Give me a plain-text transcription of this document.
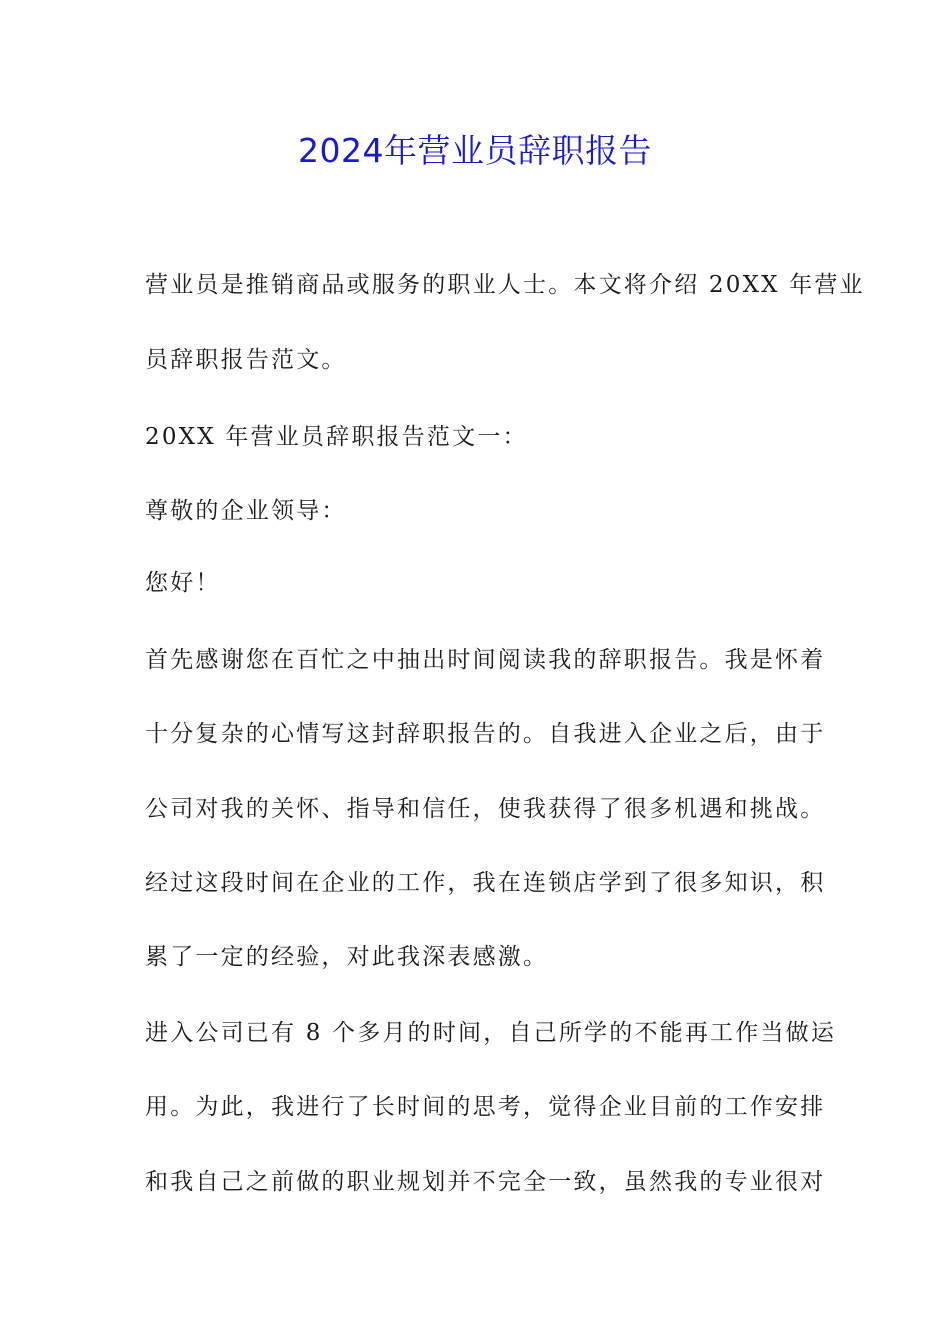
2024年营业员辞职报告

营业员是推销商品或服务的职业人士。本文将介绍 20XX 年营业

员辞职报告范文。

20XX 年营业员辞职报告范文一：

尊敬的企业领导：

您好！

首先感谢您在百忙之中抽出时间阅读我的辞职报告。我是怀着

十分复杂的心情写这封辞职报告的。自我进入企业之后，由于

公司对我的关怀、指导和信任，使我获得了很多机遇和挑战。

经过这段时间在企业的工作，我在连锁店学到了很多知识，积

累了一定的经验，对此我深表感激。

进入公司已有 8 个多月的时间，自己所学的不能再工作当做运

用。为此，我进行了长时间的思考，觉得企业目前的工作安排

和我自己之前做的职业规划并不完全一致，虽然我的专业很对
